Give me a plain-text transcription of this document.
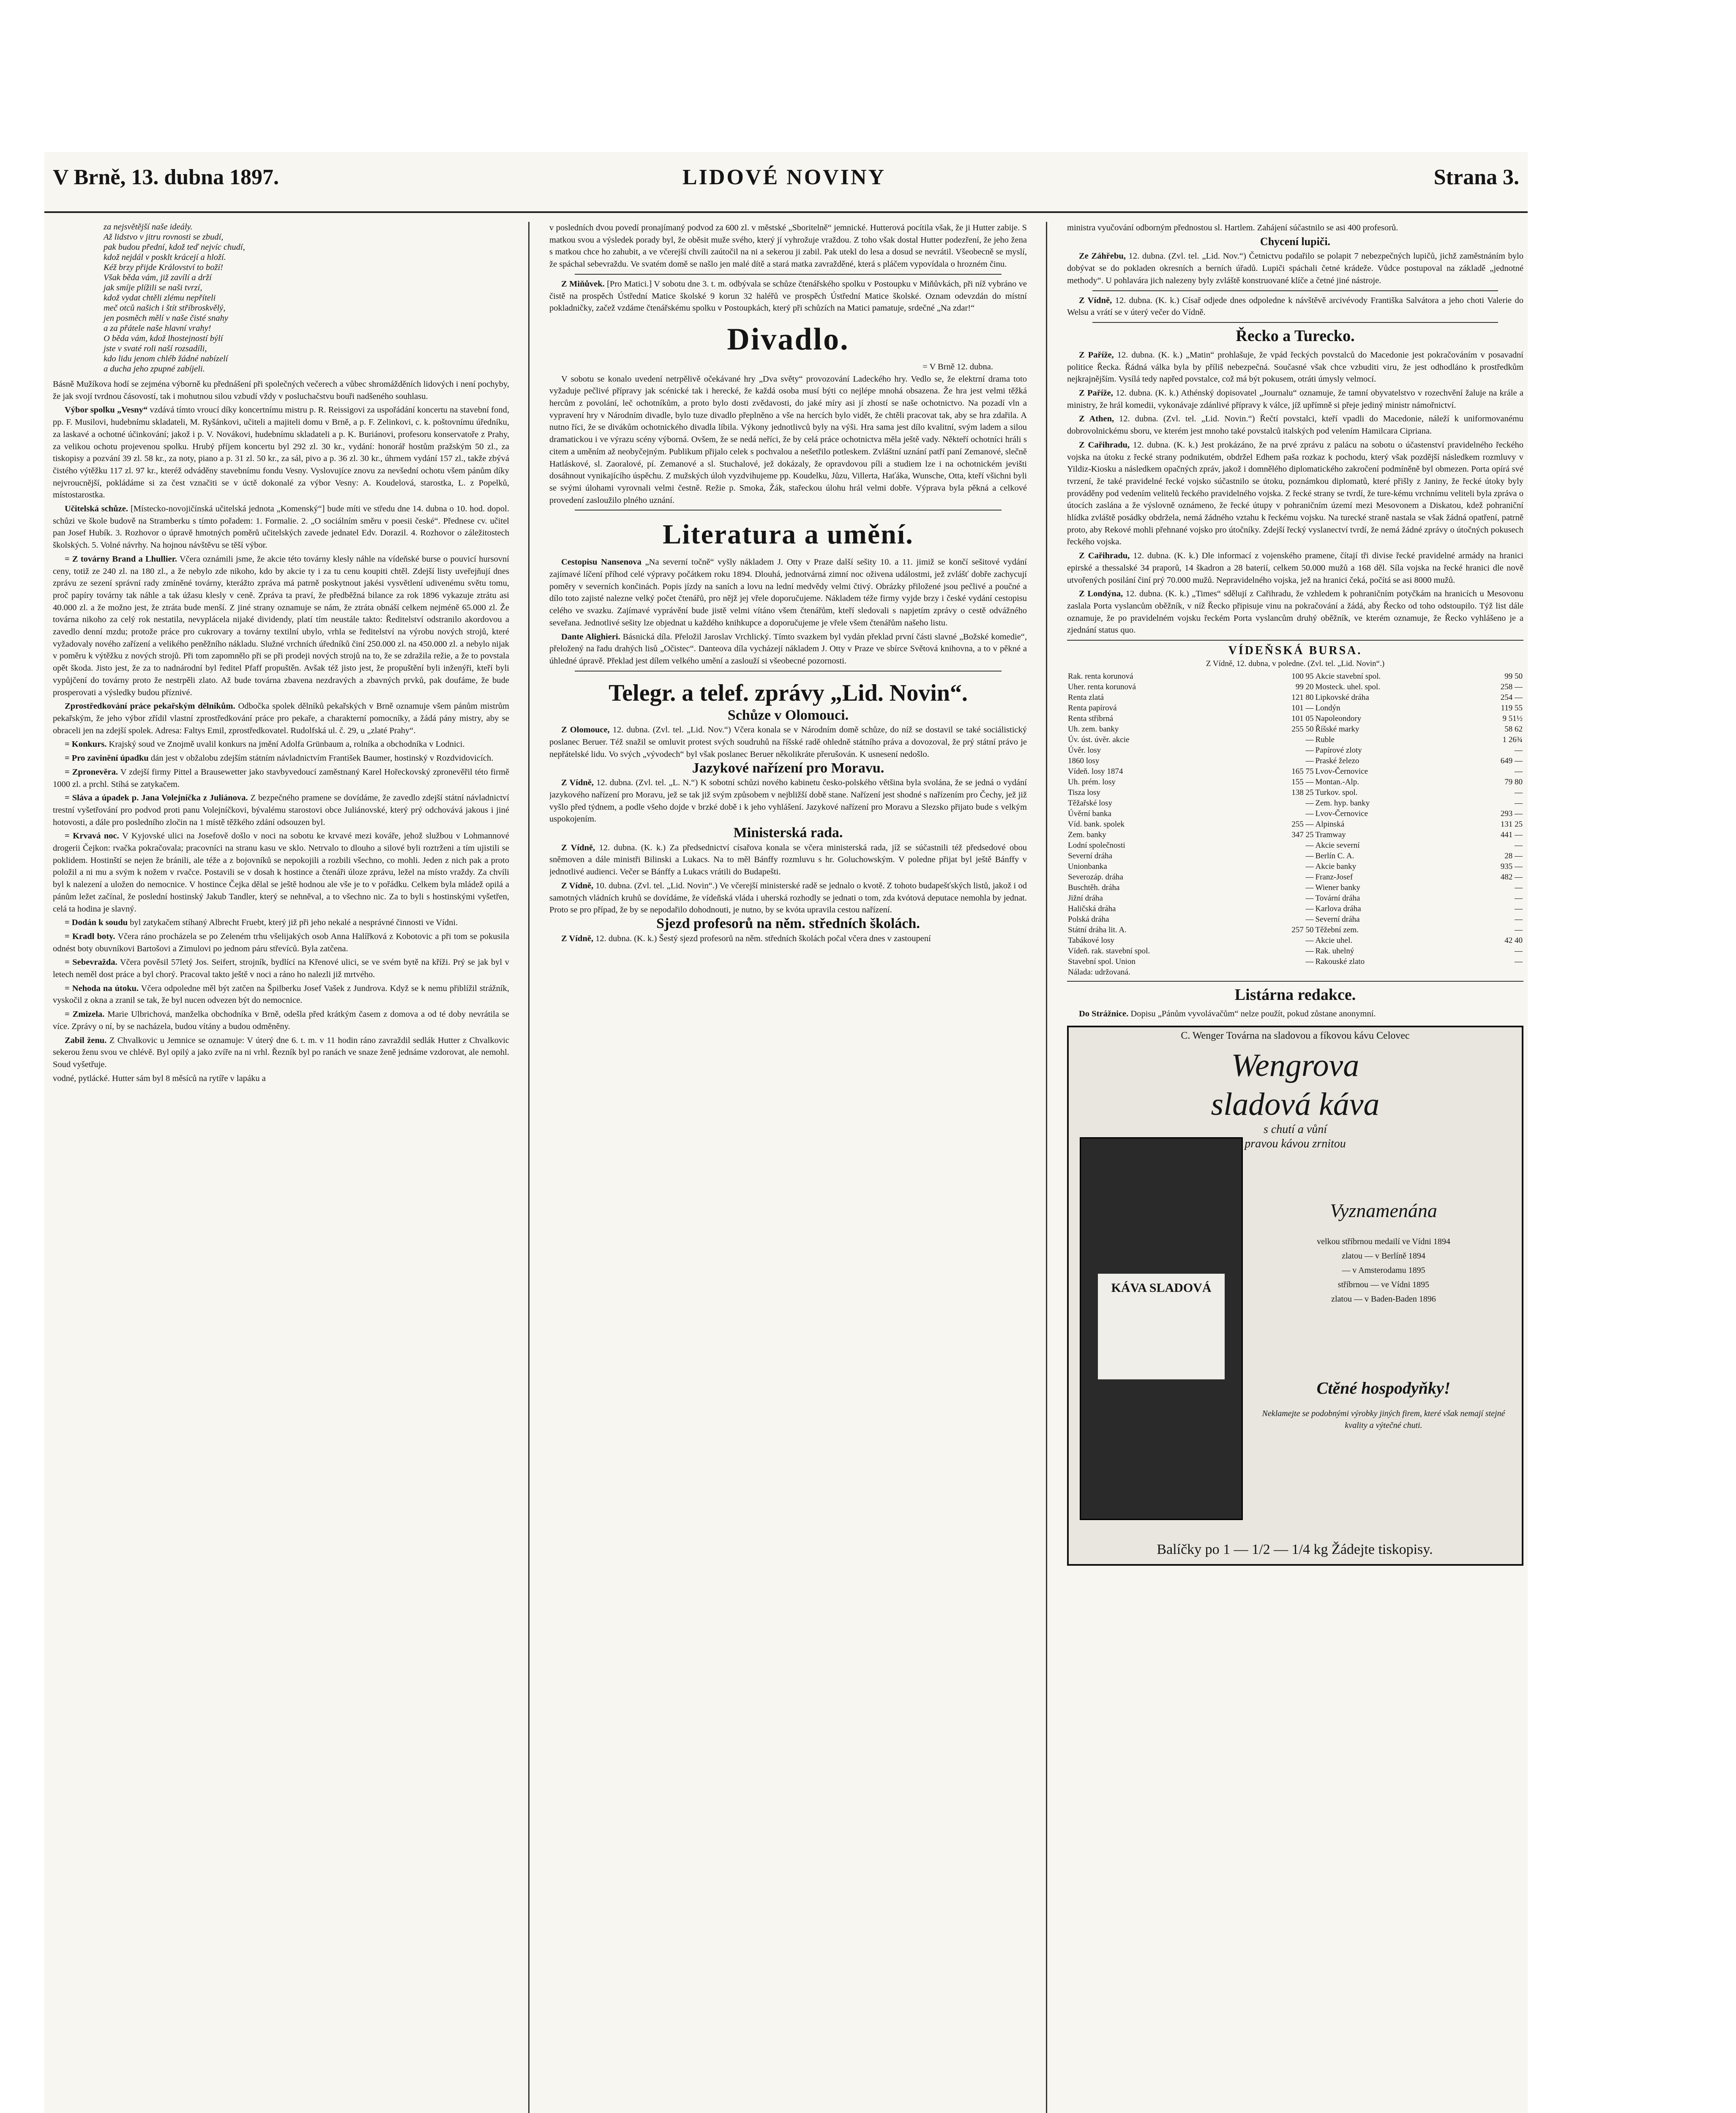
V Brně, 13. dubna 1897.	LIDOVÉ NOVINY	Strana 3.
za nejsvětější naše ideály.
Až lidstvo v jitru rovnosti se zbudí,
pak budou přední, kdož teď nejvíc chudí,
kdož nejdál v posklt krácejí a hloží.
Kéž brzy přijde Království to boží!
Však běda vám, již zavílí a drží
jak smíje plížili se naši tvrzí,
kdož vydat chtěli zlému nepříteli
meč otců našich i štít stříbroskvělý,
jen posměch mělí v naše čisté snahy
a za přátele naše hlavní vrahy!
O běda vám, kdož lhostejností býlí
jste v svaté roli naší rozsadíli,
kdo lidu jenom chléb žádné nabízelí
a ducha jeho zpupné zabíjeli.

Básně Mužíkova hodí se zejména výborně ku přednášení při společných večerech a vůbec shromážděních lidových i není pochyby, že jak svojí tvrdnou čásovostí, tak i mohutnou silou vzbudí vždy v posluchačstvu bouři nadšeného souhlasu.

Výbor spolku „Vesny“ vzdává tímto vroucí díky koncertnímu mistru p. R. Reissigovi za uspořádání koncertu na stavební fond, pp. F. Musilovi, hudebnímu skladateli, M. Ryšánkovi, učiteli a majiteli domu v Brně, a p. F. Zelinkovi, c. k. poštovnímu úředníku, za laskavé a ochotné účinkování; jakož i p. V. Novákovi, hudebnímu skladateli a p. K. Buriánovi, profesoru konservatoře z Prahy, za velikou ochotu projevenou spolku. Hrubý příjem koncertu byl 292 zl. 30 kr., vydání: honorář hostům pražským 50 zl., za tiskopisy a pozvání 39 zl. 58 kr., za noty, piano a p. 31 zl. 50 kr., za sál, pivo a p. 36 zl. 30 kr., úhrnem vydání 157 zl., takže zbývá čistého výtěžku 117 zl. 97 kr., kteréž odváděny stavebnímu fondu Vesny. Vyslovujíce znovu za nevšední ochotu všem pánům díky nejvroucnější, pokládáme si za čest vznačiti se v úctě dokonalé za výbor Vesny: A. Koudelová, starostka, L. z Popelků, místostarostka.

Učitelská schůze. [Místecko-novojičínská učitelská jednota „Komenský“] bude míti ve středu dne 14. dubna o 10. hod. dopol. schůzi ve škole budově na Stramberku s tímto pořadem: 1. Formalie. 2. „O sociálním směru v poesii české“. Přednese cv. učitel pan Josef Hubík. 3. Rozhovor o úpravě hmotných poměrů učitelských zavede jednatel Edv. Dorazil. 4. Rozhovor o záležitostech školských. 5. Volné návrhy. Na hojnou návštěvu se těší výbor.

= Z továrny Brand a Lhullier. Včera oznámili jsme, že akcie této továrny klesly náhle na vídeňské burse o pouvicí hursovní ceny, totiž ze 240 zl. na 180 zl., a že nebylo zde nikoho, kdo by akcie ty i za tu cenu koupiti chtěl. Zdejší listy uveřejňují dnes zprávu ze sezení správní rady zmíněné továrny, kterážto zpráva má patrně poskytnout jakési vysvětlení udivenému světu tomu, proč papíry továrny tak náhle a tak úžasu klesly v ceně. Zpráva ta praví, že předběžná bilance za rok 1896 vykazuje ztrátu asi 40.000 zl. a že možno jest, že ztráta bude menší. Z jiné strany oznamuje se nám, že ztráta obnáší celkem nejméně 65.000 zl. Že továrna nikoho za celý rok nestatila, nevyplácela nijaké dividendy, platí tím neustále takto: Ředitelství odstranilo akordovou a zavedlo denní mzdu; protože práce pro cukrovary a továrny textilní ubylo, vrhla se ředitelství na výrobu nových strojů, které vyžadovaly nového zařízení a velikého peněžního nákladu. Služné vrchních úředníků činí 250.000 zl. na 450.000 zl. a nebylo nijak v poměru k výtěžku z nových strojů. Při tom zapomnělo při se při prodeji nových strojů na to, že se zdražila režie, a že to povstala opět škoda. Jisto jest, že za to nadnárodní byl ředitel Pfaff propuštěn. Avšak též jisto jest, že propuštění byli inženýři, kteří byli vypůjčení do továrny proto že nestrpěli zlato. Až bude továrna zbavena nezdravých a zbavných prvků, pak doufáme, že bude prosperovati a výsledky budou příznivé.

Zprostředkování práce pekařským dělníkům. Odbočka spolek dělníků pekařských v Brně oznamuje všem pánům mistrům pekařským, že jeho výbor zřídil vlastní zprostředkování práce pro pekaře, a charakterní pomocníky, a žádá pány mistry, aby se obraceli jen na zdejší spolek. Adresa: Faltys Emil, zprostředkovatel. Rudolfská ul. č. 29, u „zlaté Prahy“.

= Konkurs. Krajský soud ve Znojmě uvalil konkurs na jmění Adolfa Grünbaum a, rolníka a obchodníka v Lodnici.

= Pro zavinění úpadku dán jest v obžalobu zdejším státním návladnictvím František Baumer, hostinský v Rozdvidovicích.

= Zpronevěra. V zdejší firmy Pittel a Brausewetter jako stavbyvedoucí zaměstnaný Karel Hořeckovský zpronevěřil této firmě 1000 zl. a prchl. Stíhá se zatykačem.

= Sláva a úpadek p. Jana Volejníčka z Juliánova. Z bezpečného pramene se dovídáme, že zavedlo zdejší státní návladnictví trestní vyšetřování pro podvod proti panu Volejníčkovi, bývalému starostovi obce Juliánovské, který prý odchovává jakous i jiné hotovosti, a dále pro posledního zločin na 1 místě těžkého zdání odsouzen byl.

= Krvavá noc. V Kyjovské ulici na Josefově došlo v noci na sobotu ke krvavé mezi kováře, jehož službou v Lohmannové drogerii Čejkon: rvačka pokračovala; pracovníci na stranu kasu ve sklo. Netrvalo to dlouho a silové byli roztrženi a tím ujistili se poklidem. Hostinští se nejen že bránili, ale téže a z bojovníků se nepokojili a rozbili všechno, co mohli. Jeden z nich pak a proto položil a ni mu a svým k nožem v rvačce. Postavili se v dosah k hostince a čtenáři úloze zprávu, ležel na místo vraždy. Za chvíli byl k nalezení a uložen do nemocnice. V hostince Čejka dělal se ještě hodnou ale vše je to v pořádku. Celkem byla mládež opilá a pánům ležet začínal, že poslední hostinský Jakub Tandler, který se nehněval, a to všechno nic. Za to byli s hostinskými vyšetřen, celá ta hodina je slavný.

= Dodán k soudu byl zatykačem stíhaný Albrecht Fruebt, který již při jeho nekalé a nesprávné činnosti ve Vídni.

= Kradl boty. Včera ráno procházela se po Zeleném trhu všelijakých osob Anna Halířková z Kobotovic a při tom se pokusila odnést boty obuvníkovi Bartošovi a Zimulovi po jednom páru střevíců. Byla zatčena.

= Sebevražda. Včera pověsil 57letý Jos. Seifert, strojník, bydlící na Křenové ulici, se ve svém bytě na kříži. Prý se jak byl v letech neměl dost práce a byl chorý. Pracoval takto ještě v noci a ráno ho nalezli již mrtvého.

= Nehoda na útoku. Včera odpoledne měl být zatčen na Špilberku Josef Vašek z Jundrova. Když se k nemu přiblížil strážník, vyskočil z okna a zranil se tak, že byl nucen odvezen být do nemocnice.

= Zmizela. Marie Ulbrichová, manželka obchodníka v Brně, odešla před krátkým časem z domova a od té doby nevrátila se více. Zprávy o ní, by se nacházela, budou vítány a budou odměněny.

Zabil ženu. Z Chvalkovic u Jemnice se oznamuje: V úterý dne 6. t. m. v 11 hodin ráno zavraždil sedlák Hutter z Chvalkovic sekerou ženu svou ve chlévě. Byl opilý a jako zvíře na ni vrhl. Řezník byl po ranách ve snaze ženě jednáme vzdorovat, ale nemohl. Soud vyšetřuje.

vodné, pytlácké. Hutter sám byl 8 měsíců na rytíře v lapáku a

v posledních dvou povedí pronajímaný podvod za 600 zl. v městské „Sboritelně“ jemnické. Hutterová pocítila však, že ji Hutter zabije. S matkou svou a výsledek porady byl, že oběsit muže svého, který jí vyhrožuje vraždou. Z toho však dostal Hutter podezření, že jeho žena s matkou chce ho zahubit, a ve včerejší chvíli zaútočil na ni a sekerou ji zabil. Pak utekl do lesa a dosud se nevrátil. Všeobecně se myslí, že spáchal sebevraždu. Ve svatém domě se našlo jen malé dítě a stará matka zavražděné, která s pláčem vypovídala o hrozném činu.

Z Miňůvek. [Pro Matici.] V sobotu dne 3. t. m. odbývala se schůze čtenářského spolku v Postoupku v Miňůvkách, při níž vybráno ve čistě na prospěch Ústřední Matice školské 9 korun 32 haléřů ve prospěch Ústřední Matice školské. Oznam odevzdán do místní pokladničky, začež vzdáme čtenářskému spolku v Postoupkách, který při schůzích na Matici pamatuje, srdečné „Na zdar!“

Divadlo.
= V Brně 12. dubna.

V sobotu se konalo uvedení netrpělivě očekávané hry „Dva světy“ provozování Ladeckého hry. Vedlo se, že elektrní drama toto vyžaduje pečlivé přípravy jak scénické tak i herecké, že každá osoba musí býti co nejlépe mnohá obsazena. Že hra jest velmi těžká hercům z povolání, leč ochotníkům, a proto bylo dosti zvědavosti, do jaké míry asi jí zhostí se naše ochotnictvo. Na pozadí vln a vypravení hry v Národním divadle, bylo tuze divadlo přeplněno a vše na hercích bylo vidět, že chtěli pracovat tak, aby se hra zdařila. A nutno říci, že se divákům ochotnického divadla líbila. Výkony jednotlivců byly na výši. Hra sama jest dílo kvalitní, svým ladem a silou dramatickou i ve výrazu scény výborná. Ovšem, že se nedá neříci, že by celá práce ochotnictva měla ještě vady. Někteří ochotníci hráli s citem a uměním až neobyčejným. Publikum přijalo celek s pochvalou a nešetřilo potleskem. Zvláštní uznání patří paní Zemanové, slečně Hatláskové, sl. Zaoralové, pí. Zemanové a sl. Stuchalové, jež dokázaly, že opravdovou píli a studiem lze i na ochotnickém jevišti dosáhnout vynikajícího úspěchu. Z mužských úloh vyzdvihujeme pp. Koudelku, Jůzu, Villerta, Haťáka, Wunsche, Otta, kteří všichni byli se svými úlohami vyrovnali velmi čestně. Režie p. Smoka, Žák, stařeckou úlohu hrál velmi dobře. Výprava byla pěkná a celkové provedení zasloužilo plného uznání.

Literatura a umění.

Cestopisu Nansenova „Na severní točně“ vyšly nákladem J. Otty v Praze další sešity 10. a 11. jimiž se končí sešitové vydání zajímavé líčení příhod celé výpravy počátkem roku 1894. Dlouhá, jednotvárná zimní noc oživena událostmi, jež zvlášť dobře zachycují poměry v severních končinách. Popis jízdy na saních a lovu na lední medvědy velmi čtivý. Obrázky přiložené jsou pečlivé a poučné a dílo toto zajisté nalezne velký počet čtenářů, pro nějž jej vřele doporučujeme. Nákladem téže firmy vyjde brzy i české vydání cestopisu celého ve svazku. Zajímavé vyprávění bude jistě velmi vítáno všem čtenářům, kteří sledovali s napjetím zprávy o cestě odvážného seveřana. Jednotlivé sešity lze objednat u každého knihkupce a doporučujeme je vřele všem čtenářům našeho listu.

Dante Alighieri. Básnická díla. Přeložil Jaroslav Vrchlický. Tímto svazkem byl vydán překlad první části slavné „Božské komedie“, přeložený na řadu drahých lisů „Očistec“. Danteova díla vycházejí nákladem J. Otty v Praze ve sbírce Světová knihovna, a to v pěkné a úhledné úpravě. Překlad jest dílem velkého umění a zaslouží si všeobecné pozornosti.

Telegr. a telef. zprávy „Lid. Novin“.
Schůze v Olomouci.

Z Olomouce, 12. dubna. (Zvl. tel. „Lid. Nov.“) Včera konala se v Národním domě schůze, do níž se dostavil se také sociálistický poslanec Beruer. Též snažil se omluvit protest svých soudruhů na říšské radě ohledně státního práva a dovozoval, že prý státní právo je nepřátelské lidu. Vo svých „vývodech“ byl však poslanec Beruer několikráte přerušován. K usnesení nedošlo.

Jazykové nařízení pro Moravu.

Z Vídně, 12. dubna. (Zvl. tel. „L. N.“) K sobotní schůzi nového kabinetu česko-polského většina byla svolána, že se jedná o vydání jazykového nařízení pro Moravu, jež se tak již svým způsobem v nejbližší době stane. Nařízení jest shodné s nařízením pro Čechy, jež již vyšlo před týdnem, a podle všeho dojde v brzké době i k jeho vyhlášení. Jazykové nařízení pro Moravu a Slezsko přijato bude s velkým uspokojením.

Ministerská rada.

Z Vídně, 12. dubna. (K. k.) Za předsednictví císařova konala se včera ministerská rada, jíž se súčastnili též předsedové obou sněmoven a dále ministři Bilinski a Lukacs. Na to měl Bánffy rozmluvu s hr. Goluchowským. V poledne přijat byl ještě Bánffy v jednotlivé audienci. Večer se Bánffy a Lukacs vrátili do Budapešti.

Z Vídně, 10. dubna. (Zvl. tel. „Lid. Novin“.) Ve včerejší ministerské radě se jednalo o kvotě. Z tohoto budapešťských listů, jakož i od samotných vládních kruhů se dovídáme, že vídeňská vláda i uherská rozhodly se jednati o tom, zda kvótová deputace nemohla by jednat. Proto se pro případ, že by se nepodařilo dohodnouti, je nutno, by se kvóta upravila cestou nařízení.

Sjezd profesorů na něm. středních školách.

Z Vídně, 12. dubna. (K. k.) Šestý sjezd profesorů na něm. středních školách počal včera dnes v zastoupení

ministra vyučování odborným přednostou sl. Hartlem. Zahájení súčastnilo se asi 400 profesorů.

Chycení lupiči.

Ze Záhřebu, 12. dubna. (Zvl. tel. „Lid. Nov.“) Četnictvu podařilo se polapit 7 nebezpečných lupičů, jichž zaměstnáním bylo dobývat se do pokladen okresních a berních úřadů. Lupiči spáchali četné krádeže. Vůdce postupoval na základě „jednotné methody“. U pohlavára jich nalezeny byly zvláště konstruované klíče a četné jiné nástroje.

Z Vídně, 12. dubna. (K. k.) Císař odjede dnes odpoledne k návštěvě arcivévody Františka Salvátora a jeho choti Valerie do Welsu a vrátí se v úterý večer do Vídně.

Řecko a Turecko.

Z Paříže, 12. dubna. (K. k.) „Matin“ prohlašuje, že vpád řeckých povstalců do Macedonie jest pokračováním v posavadní politice Řecka. Řádná válka byla by příliš nebezpečná. Současné však chce vzbuditi viru, že jest odhodláno k prostředkům nejkrajnějším. Vysílá tedy napřed povstalce, což má být pokusem, otráti úmysly velmocí.

Z Paříže, 12. dubna. (K. k.) Athénský dopisovatel „Journalu“ oznamuje, že tamní obyvatelstvo v rozechvění žaluje na krále a ministry, že hrál komedii, vykonávaje zdánlivé přípravy k válce, jíž upřímně si přeje jediný ministr námořnictví.

Z Athen, 12. dubna. (Zvl. tel. „Lid. Novin.“) Řečtí povstalci, kteří vpadli do Macedonie, náleží k uniformovanému dobrovolnickému sboru, ve kterém jest mnoho také povstalců italských pod velením Hamilcara Cipriana.

Z Cařihradu, 12. dubna. (K. k.) Jest prokázáno, že na prvé zprávu z palácu na sobotu o účastenství pravidelného řeckého vojska na útoku z řecké strany podnikutém, obdržel Edhem paša rozkaz k pochodu, který však pozdější následkem rozmluvy v Yildiz-Kiosku a následkem opačných zpráv, jakož i domnělého diplomatického zakročení podmíněně byl obmezen. Porta opírá své tvrzení, že také pravidelné řecké vojsko súčastnilo se útoku, poznámkou diplomatů, které přišly z Janiny, že řecké útoky byly prováděny pod vedením velitelů řeckého pravidelného vojska. Z řecké strany se tvrdí, že ture-kému vrchnímu veliteli byla zpráva o útocích zaslána a že výslovně oznámeno, že řecké útupy v pohraničním území mezi Mesovonem a Diskatou, kdež pohraniční hlídka zvláště posádky obdržela, nemá žádného vztahu k řeckému vojsku. Na turecké straně nastala se však žádná opatření, patrně proto, aby Rekové mohli přehnané vojsko pro útočníky. Zdejší řecký vyslanectví tvrdí, že nemá žádné zprávy o útočných pokusech řeckého vojska.

Z Cařihradu, 12. dubna. (K. k.) Dle informací z vojenského pramene, čítají tři divise řecké pravidelné armády na hranici epirské a thessalské 34 praporů, 14 škadron a 28 baterií, celkem 50.000 mužů a 168 děl. Síla vojska na řecké hranici dle nově utvořených posilání činí prý 70.000 mužů. Nepravidelného vojska, jež na hranici čeká, počítá se asi 8000 mužů.

Z Londýna, 12. dubna. (K. k.) „Times“ sdělují z Cařihradu, že vzhledem k pohraničním potyčkám na hranicích u Mesovonu zaslala Porta vyslancům oběžník, v níž Řecko připisuje vinu na pokračování a žádá, aby Řecko od toho odstoupilo. Týž list dále oznamuje, že po pravidelném vojsku řeckém Porta vyslancům druhý oběžník, ve kterém oznamuje, že Řecko vyhlášeno je a zjednání status quo.

VÍDEŇSKÁ BURSA.
Z Vídně, 12. dubna, v poledne. (Zvl. tel. „Lid. Novin“.)
Rak. renta korunová	100 95	Akcie stavební spol.	99 50
Uher. renta korunová	99 20	Mosteck. uhel. spol.	258 —
Renta zlatá	121 80	Lipkovské dráha	254 —
Renta papírová	101 —	Londýn	119 55
Renta stříbrná	101 05	Napoleondory	9 51½
Uh. zem. banky	255 50	Říšské marky	58 62
Úv. úst. úvěr. akcie	—	Ruble	1 26¾
Úvěr. losy	—	Papírové zloty	—
1860 losy	—	Praské železo	649 —
Vídeň. losy 1874	165 75	Lvov-Černovice	—
Uh. prém. losy	155 —	Montan.-Alp.	79 80
Tisza losy	138 25	Turkov. spol.	—
Těžařské losy	—	Zem. hyp. banky	—
Úvěrní banka	—	Lvov-Černovice	293 —
Víd. bank. spolek	255 —	Alpinská	131 25
Zem. banky	347 25	Tramway	441 —
Lodní společnosti	—	Akcie severní	—
Severní dráha	—	Berlín C. A.	28 —
Unionbanka	—	Akcie banky	935 —
Severozáp. dráha	—	Franz-Josef	482 —
Buschtěh. dráha	—	Wiener banky	—
Jižní dráha	—	Tovární dráha	—
Haličská dráha	—	Karlova dráha	—
Polská dráha	—	Severní dráha	—
Státní dráha lit. A.	257 50	Těžební zem.	—
Tabákové losy	—	Akcie uhel.	42 40
Vídeň. rak. stavební spol.	—	Rak. uhelný	—
Stavební spol. Union	—	Rakouské zlato	—
Nálada: udržovaná.			
Listárna redakce.

Do Strážnice. Dopisu „Pánům vyvolávačům“ nelze použít, pokud zůstane anonymní.

C. Wenger Továrna na sladovou a fíkovou kávu Celovec
Wengrova
sladová káva
s chutí a vůní
pravou kávou zrnitou
KÁVA SLADOVÁ
Vyznamenána
velkou stříbrnou medailí ve Vídni 1894
zlatou — v Berlíně 1894
— v Amsterodamu 1895
stříbrnou — ve Vídni 1895
zlatou — v Baden-Baden 1896
Ctěné hospodyňky!
Neklamejte se podobnými výrobky jiných firem, které však nemají stejné kvality a výtečné chuti.
Balíčky po 1 — 1/2 — 1/4 kg Žádejte tiskopisy.
